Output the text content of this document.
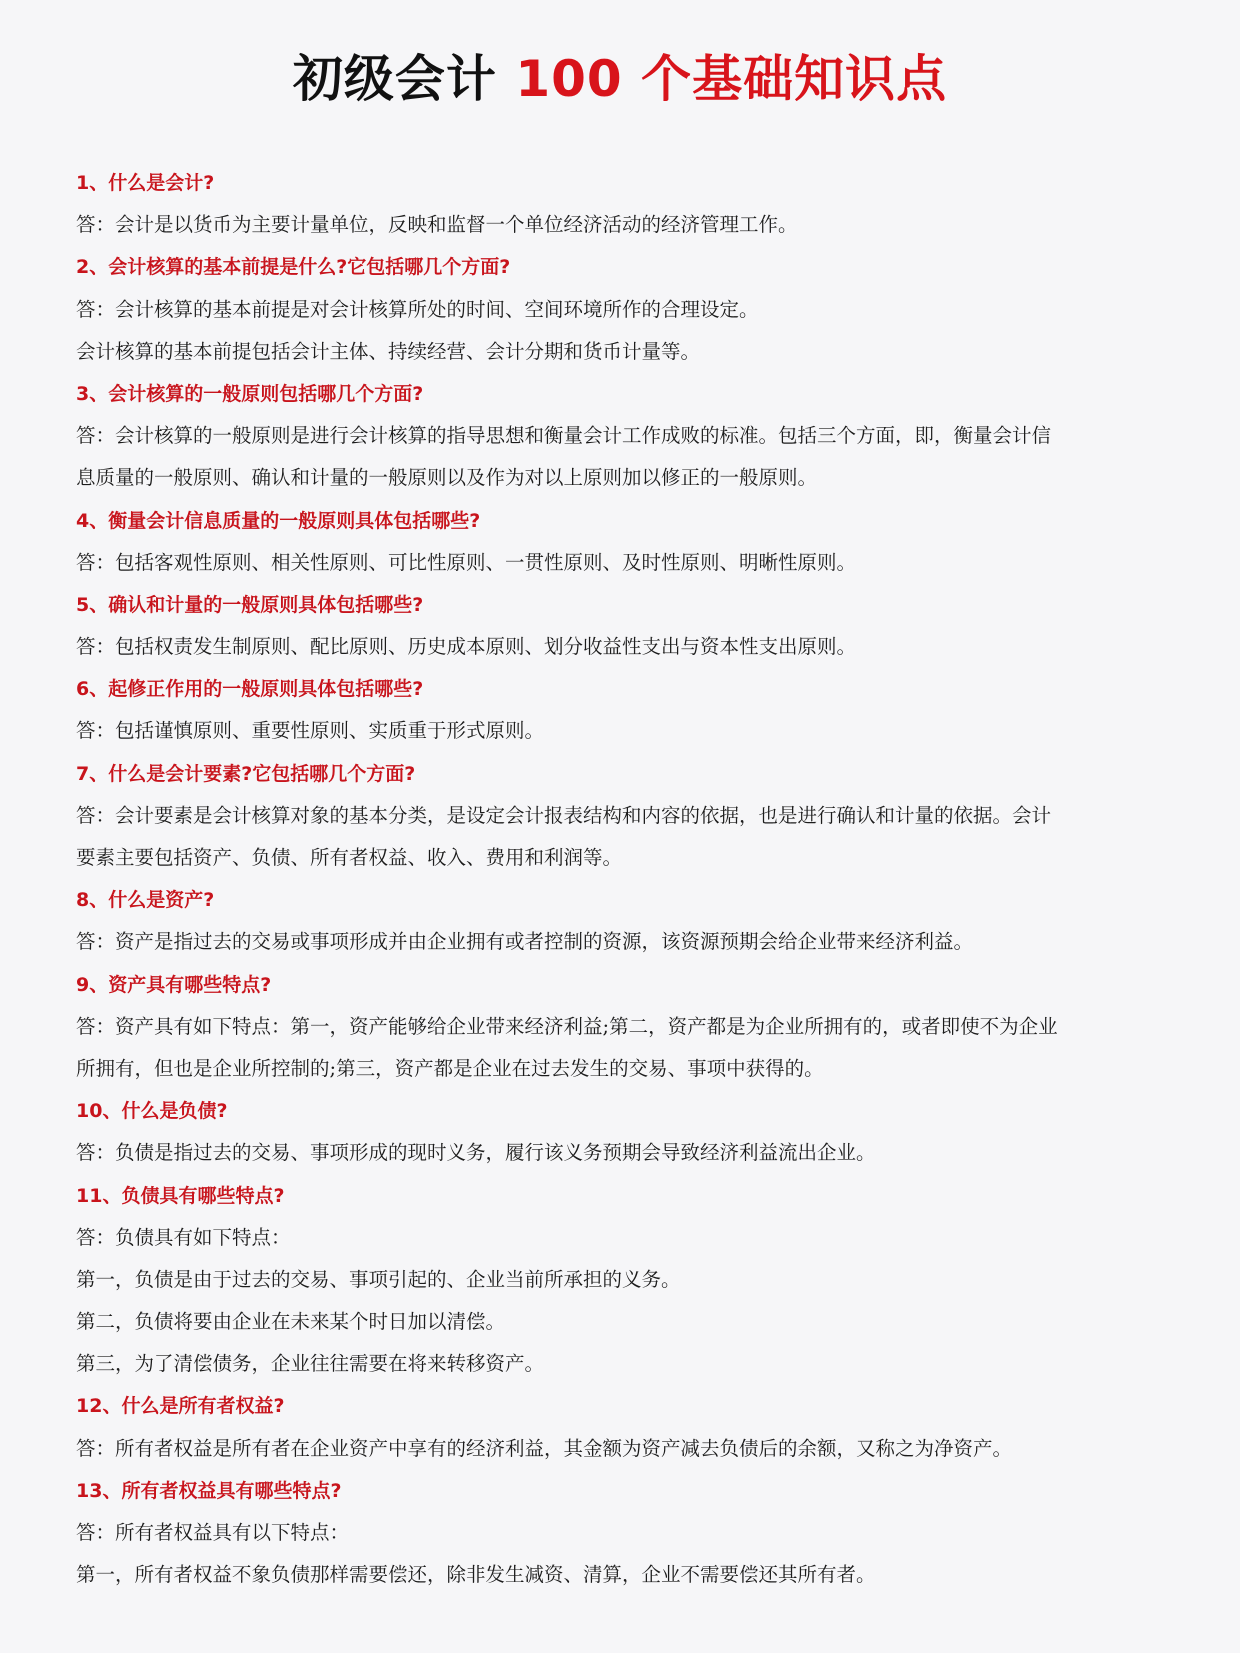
初级会计 100 个基础知识点
1、什么是会计?
答：会计是以货币为主要计量单位，反映和监督一个单位经济活动的经济管理工作。
2、会计核算的基本前提是什么?它包括哪几个方面?
答：会计核算的基本前提是对会计核算所处的时间、空间环境所作的合理设定。
会计核算的基本前提包括会计主体、持续经营、会计分期和货币计量等。
3、会计核算的一般原则包括哪几个方面?
答：会计核算的一般原则是进行会计核算的指导思想和衡量会计工作成败的标准。包括三个方面，即，衡量会计信
息质量的一般原则、确认和计量的一般原则以及作为对以上原则加以修正的一般原则。
4、衡量会计信息质量的一般原则具体包括哪些?
答：包括客观性原则、相关性原则、可比性原则、一贯性原则、及时性原则、明晰性原则。
5、确认和计量的一般原则具体包括哪些?
答：包括权责发生制原则、配比原则、历史成本原则、划分收益性支出与资本性支出原则。
6、起修正作用的一般原则具体包括哪些?
答：包括谨慎原则、重要性原则、实质重于形式原则。
7、什么是会计要素?它包括哪几个方面?
答：会计要素是会计核算对象的基本分类，是设定会计报表结构和内容的依据，也是进行确认和计量的依据。会计
要素主要包括资产、负债、所有者权益、收入、费用和利润等。
8、什么是资产?
答：资产是指过去的交易或事项形成并由企业拥有或者控制的资源，该资源预期会给企业带来经济利益。
9、资产具有哪些特点?
答：资产具有如下特点：第一，资产能够给企业带来经济利益;第二，资产都是为企业所拥有的，或者即使不为企业
所拥有，但也是企业所控制的;第三，资产都是企业在过去发生的交易、事项中获得的。
10、什么是负债?
答：负债是指过去的交易、事项形成的现时义务，履行该义务预期会导致经济利益流出企业。
11、负债具有哪些特点?
答：负债具有如下特点：
第一，负债是由于过去的交易、事项引起的、企业当前所承担的义务。
第二，负债将要由企业在未来某个时日加以清偿。
第三，为了清偿债务，企业往往需要在将来转移资产。
12、什么是所有者权益?
答：所有者权益是所有者在企业资产中享有的经济利益，其金额为资产减去负债后的余额，又称之为净资产。
13、所有者权益具有哪些特点?
答：所有者权益具有以下特点：
第一，所有者权益不象负债那样需要偿还，除非发生减资、清算，企业不需要偿还其所有者。
